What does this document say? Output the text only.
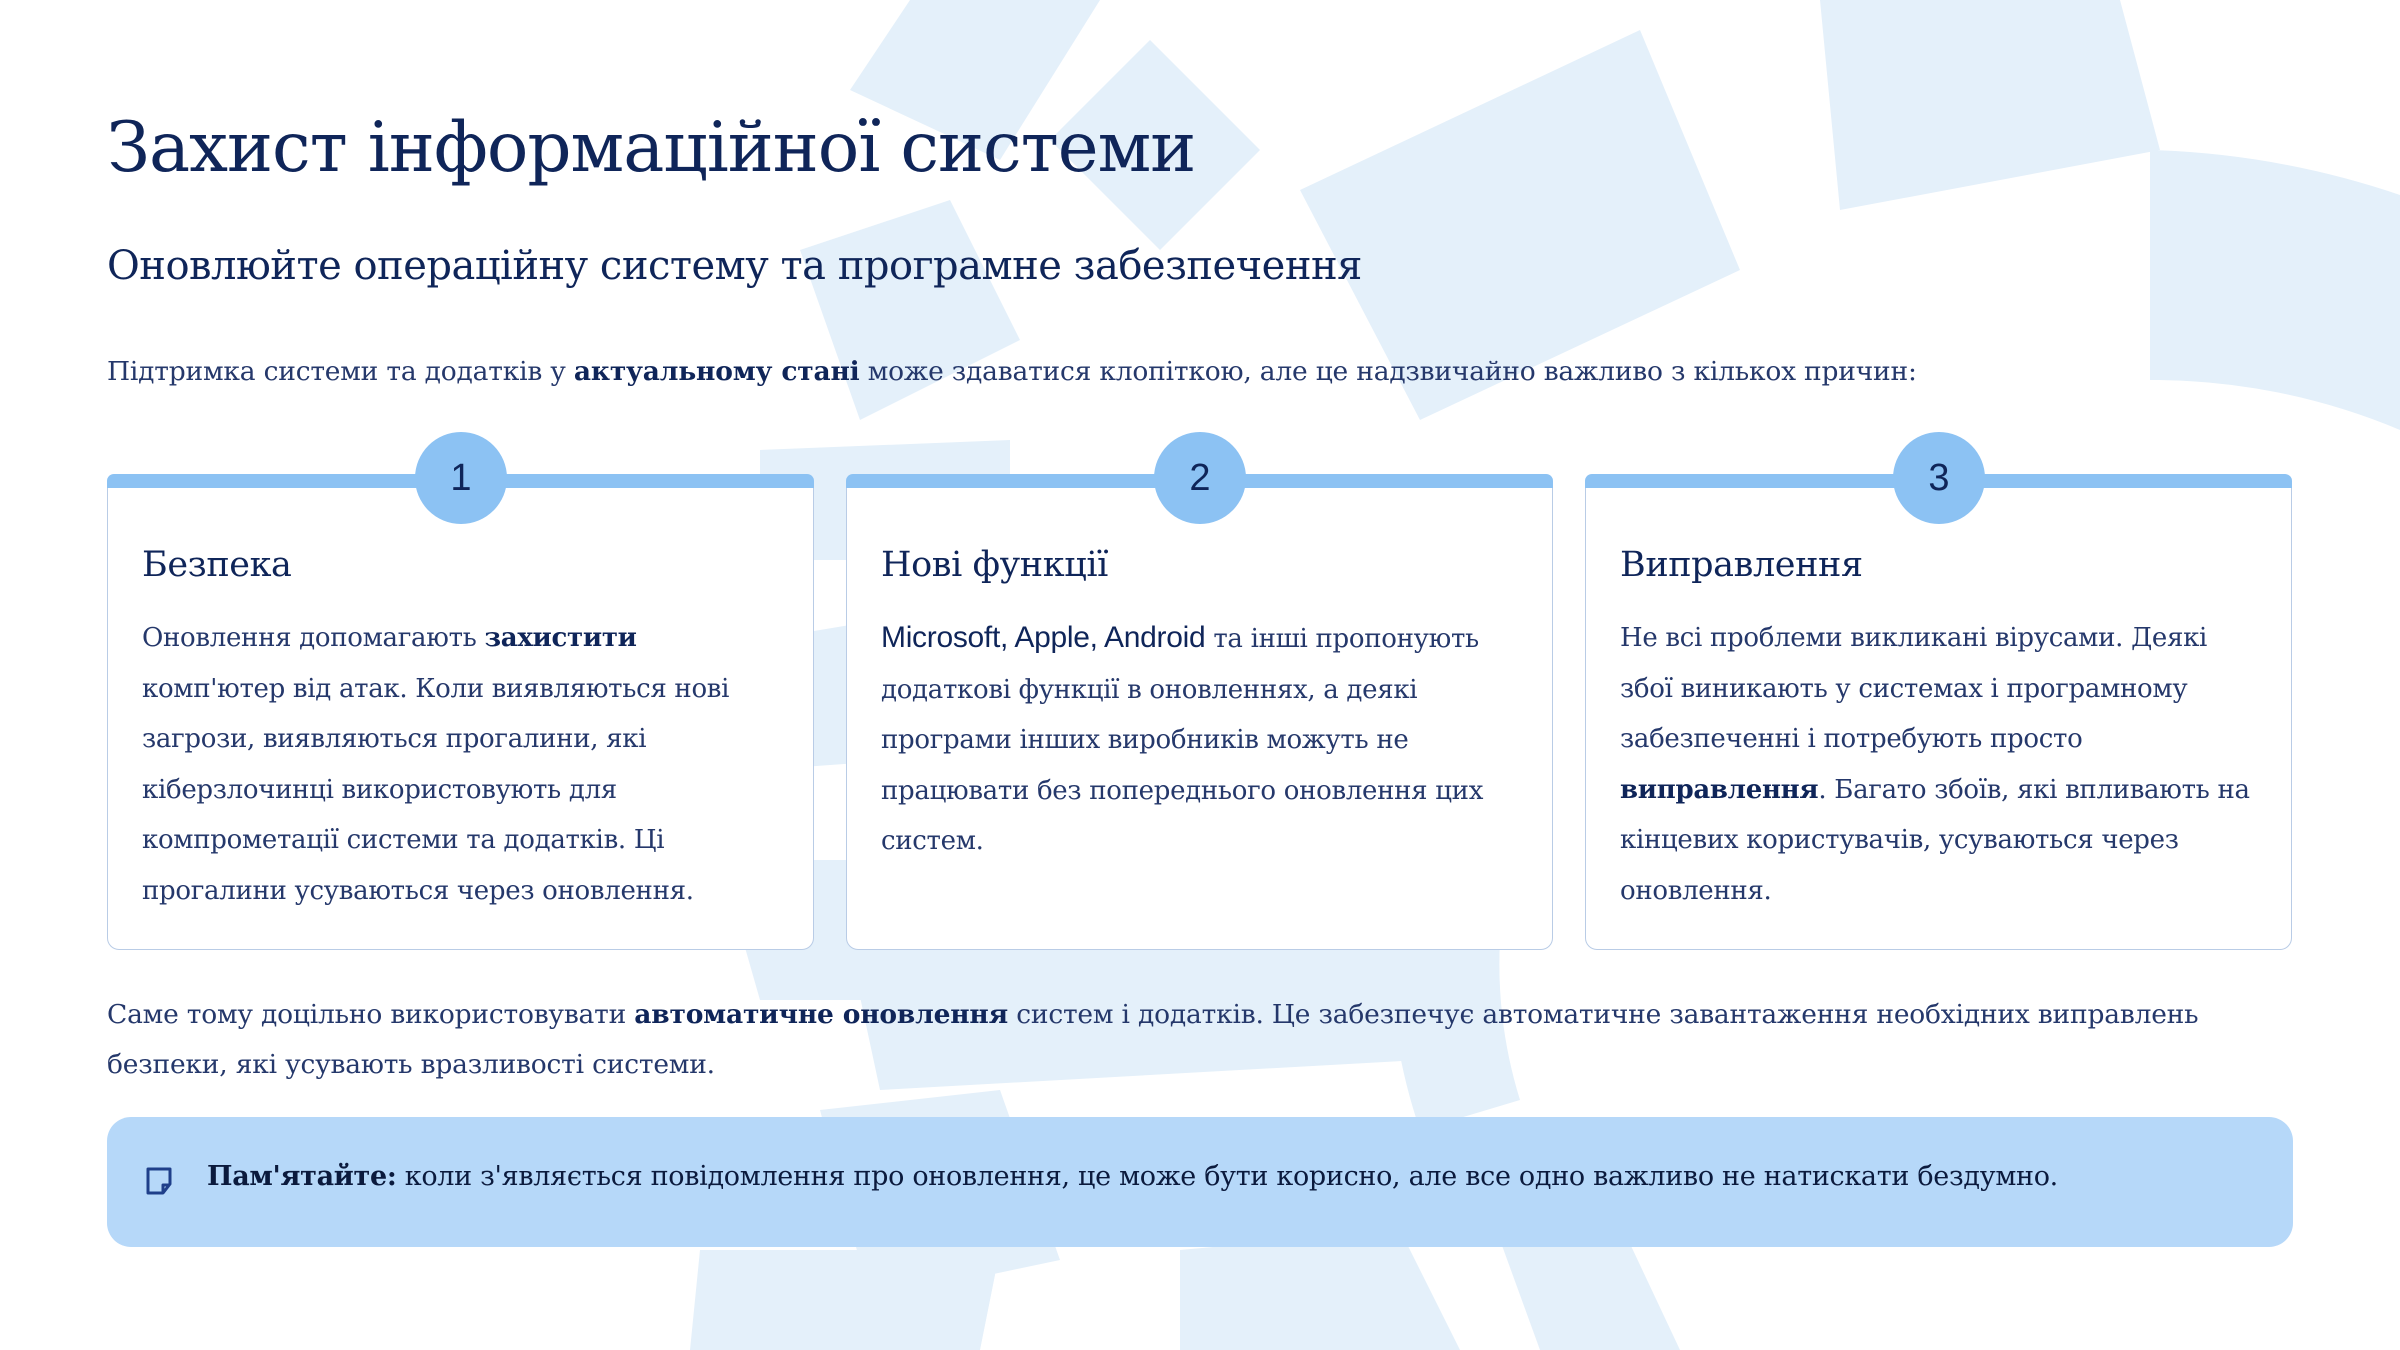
Захист інформаційної системи
Оновлюйте операційну систему та програмне забезпечення

Підтримка системи та додатків у актуальному стані може здаватися клопіткою, але це надзвичайно важливо з кількох причин:

Безпека

Оновлення допомагають захистити комп'ютер від атак. Коли виявляються нові загрози, виявляються прогалини, які кіберзлочинці використовують для компрометації системи та додатків. Ці прогалини усуваються через оновлення.

1
Нові функції

Microsoft, Apple, Android та інші пропонують додаткові функції в оновленнях, а деякі програми інших виробників можуть не працювати без попереднього оновлення цих систем.

2
Виправлення

Не всі проблеми викликані вірусами. Деякі збої виникають у системах і програмному забезпеченні і потребують просто виправлення. Багато збоїв, які впливають на кінцевих користувачів, усуваються через оновлення.

3

Саме тому доцільно використовувати автоматичне оновлення систем і додатків. Це забезпечує автоматичне завантаження необхідних виправлень безпеки, які усувають вразливості системи.

Пам'ятайте: коли з'являється повідомлення про оновлення, це може бути корисно, але все одно важливо не натискати бездумно.
